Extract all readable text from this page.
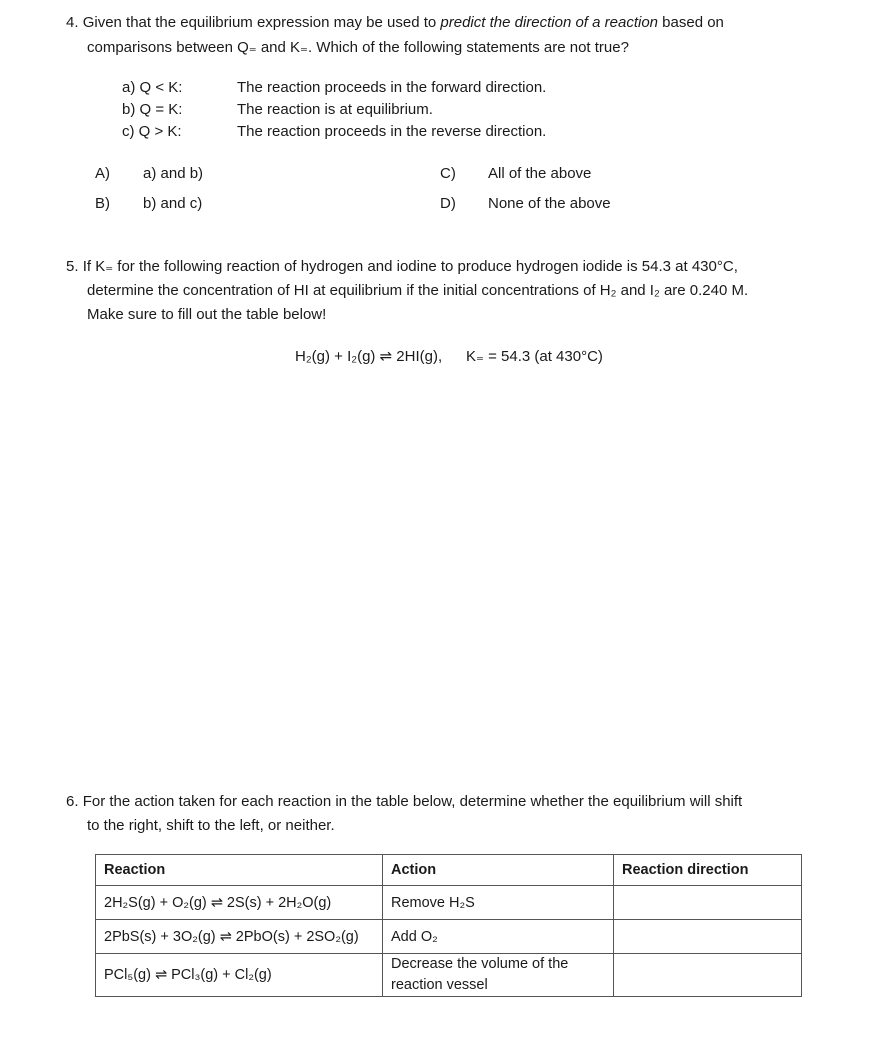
4. Given that the equilibrium expression may be used to predict the direction of a reaction based on
comparisons between Q₌ and K₌. Which of the following statements are not true?
a) Q < K:	The reaction proceeds in the forward direction.
b) Q = K:	The reaction is at equilibrium.
c) Q > K:	The reaction proceeds in the reverse direction.
A) a) and b)
B) b) and c)
C) All of the above
D) None of the above
5. If K₌ for the following reaction of hydrogen and iodine to produce hydrogen iodide is 54.3 at 430°C,
determine the concentration of HI at equilibrium if the initial concentrations of H₂ and I₂ are 0.240 M.
Make sure to fill out the table below!
H₂(g) + I₂(g) ⇌ 2HI(g), K₌ = 54.3 (at 430°C)
6. For the action taken for each reaction in the table below, determine whether the equilibrium will shift
to the right, shift to the left, or neither.
Reaction	Action	Reaction direction
2H₂S(g) + O₂(g) ⇌ 2S(s) + 2H₂O(g)	Remove H₂S	
2PbS(s) + 3O₂(g) ⇌ 2PbO(s) + 2SO₂(g)	Add O₂	
PCl₅(g) ⇌ PCl₃(g) + Cl₂(g)	Decrease the volume of the
reaction vessel	
